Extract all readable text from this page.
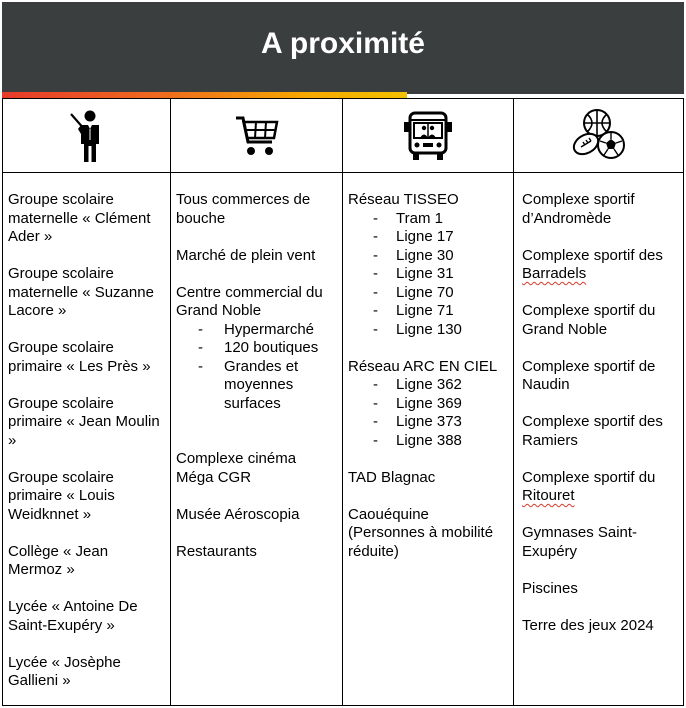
A proximité
Groupe scolaire maternelle « Clément Ader »
Groupe scolaire maternelle « Suzanne Lacore »
Groupe scolaire primaire « Les Près »
Groupe scolaire primaire « Jean Moulin »
Groupe scolaire primaire « Louis Weidknnet »
Collège « Jean Mermoz »
Lycée « Antoine De Saint-Exupéry »
Lycée « Josèphe Gallieni »
Tous commerces de bouche
Marché de plein vent
Centre commercial du Grand Noble
- Hypermarché
- 120 boutiques
- Grandes et moyennes surfaces
Complexe cinéma Méga CGR
Musée Aéroscopia
Restaurants
Réseau TISSEO
- Tram 1
- Ligne 17
- Ligne 30
- Ligne 31
- Ligne 70
- Ligne 71
- Ligne 130
Réseau ARC EN CIEL
- Ligne 362
- Ligne 369
- Ligne 373
- Ligne 388
TAD Blagnac
Caouéquine (Personnes à mobilité réduite)
Complexe sportif d’Andromède
Complexe sportif des Barradels
Complexe sportif du Grand Noble
Complexe sportif de Naudin
Complexe sportif des Ramiers
Complexe sportif du Ritouret
Gymnases Saint-Exupéry
Piscines
Terre des jeux 2024
